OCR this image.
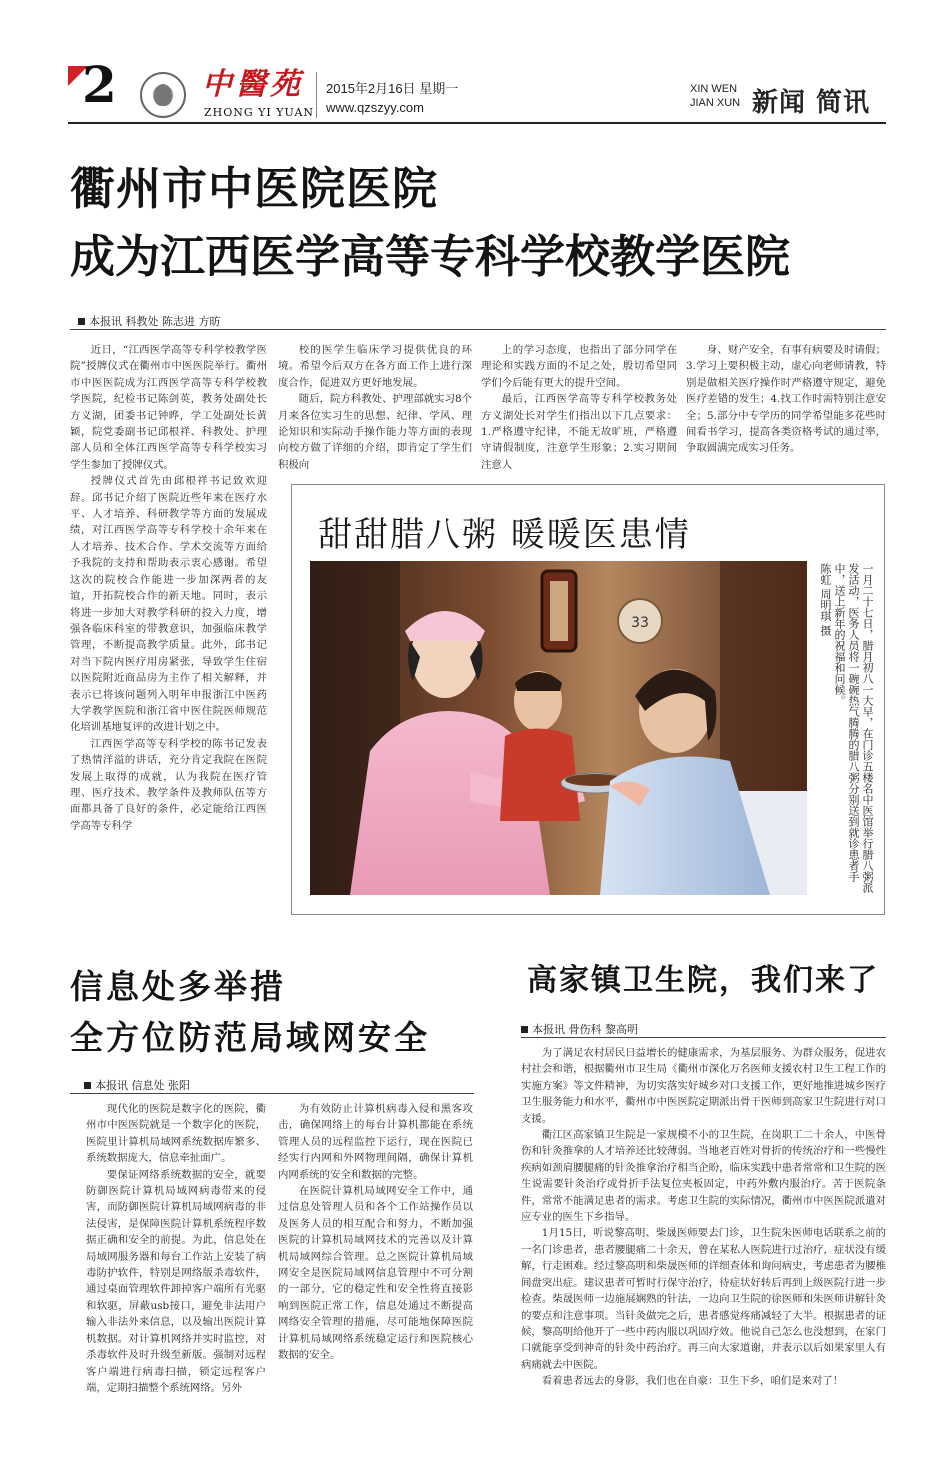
2	中醫苑
ZHONG YI YUAN
2015年2月16日 星期一
www.qzszyy.com
XIN WEN
JIAN XUN 新闻 简讯
衢州市中医院医院
成为江西医学高等专科学校教学医院
本报讯 科教处 陈志进 方昉

近日，“江西医学高等专科学校教学医院”授牌仪式在衢州市中医医院举行。衢州市中医医院成为江西医学高等专科学校教学医院，纪检书记陈剑英，教务处副处长方义湖，团委书记钟晔，学工处副处长黄颖，院党委副书记邱根祥、科教处、护理部人员和全体江西医学高等专科学校实习学生参加了授牌仪式。

授牌仪式首先由邱根祥书记致欢迎辞。邱书记介绍了医院近些年来在医疗水平、人才培养、科研教学等方面的发展成绩，对江西医学高等专科学校十余年来在人才培养、技术合作、学术交流等方面给予我院的支持和帮助表示衷心感谢。希望这次的院校合作能进一步加深两者的友谊，开拓院校合作的新天地。同时，表示将进一步加大对教学科研的投入力度，增强各临床科室的带教意识，加强临床教学管理，不断提高教学质量。此外，邱书记对当下院内医疗用房紧张，导致学生住宿以医院附近商品房为主作了相关解释，并表示已将该问题列入明年申报浙江中医药大学教学医院和浙江省中医住院医师规范化培训基地复评的改进计划之中。

江西医学高等专科学校的陈书记发表了热情洋溢的讲话，充分肯定我院在医院发展上取得的成就，认为我院在医疗管理、医疗技术、教学条件及教师队伍等方面都具备了良好的条件，必定能给江西医学高等专科学

校的医学生临床学习提供优良的环境。希望今后双方在各方面工作上进行深度合作，促进双方更好地发展。

随后，院方科教处、护理部就实习8个月来各位实习生的思想、纪律、学风、理论知识和实际动手操作能力等方面的表现向校方做了详细的介绍，即肯定了学生们积极向

上的学习态度，也指出了部分同学在理论和实践方面的不足之处，殷切希望同学们今后能有更大的提升空间。

最后，江西医学高等专科学校教务处方义湖处长对学生们指出以下几点要求：1.严格遵守纪律，不能无故旷班，严格遵守请假制度，注意学生形象；2.实习期间注意人

身、财产安全，有事有病要及时请假；3.学习上要积极主动，虚心向老师请教，特别是做相关医疗操作时严格遵守规定，避免医疗差错的发生；4.找工作时需特别注意安全；5.部分中专学历的同学希望能多花些时间看书学习，提高各类资格考试的通过率，争取圆满完成实习任务。

甜甜腊八粥 暖暖医患情
33	一月二十七日，腊月初八一大早，在门诊五楼名中医馆举行腊八粥派发活动，医务人员将一碗碗热气腾腾的腊八粥分别送到就诊患者手中，送上新年的祝福和问候。
陈虹 周明琪 摄
信息处多举措
全方位防范局域网安全
本报讯 信息处 张阳

现代化的医院是数字化的医院，衢州市中医医院就是一个数字化的医院，医院里计算机局域网系统数据库繁多、系统数据庞大，信息牵扯面广。

要保证网络系统数据的安全，就要防御医院计算机局域网病毒带来的侵害，而防御医院计算机局域网病毒的非法侵害，是保障医院计算机系统程序数据正确和安全的前提。为此，信息处在局域网服务器和每台工作站上安装了病毒防护软件，特别是网络版杀毒软件，通过桌面管理软件卸掉客户端所有光驱和软驱，屏蔽usb接口，避免非法用户输入非法外来信息，以及输出医院计算机数据。对计算机网络并实时监控，对杀毒软件及时升级至新版。强制对远程客户端进行病毒扫描，锁定远程客户端，定期扫描整个系统网络。另外

为有效防止计算机病毒入侵和黑客攻击，确保网络上的每台计算机都能在系统管理人员的远程监控下运行，现在医院已经实行内网和外网物理间隔，确保计算机内网系统的安全和数据的完整。

在医院计算机局域网安全工作中，通过信息处管理人员和各个工作站操作员以及医务人员的相互配合和努力，不断加强医院的计算机局域网技术的完善以及计算机局域网综合管理。总之医院计算机局域网安全是医院局域网信息管理中不可分割的一部分，它的稳定性和安全性将直接影响到医院正常工作，信息处通过不断提高网络安全管理的措施，尽可能地保障医院计算机局域网络系统稳定运行和医院核心数据的安全。

高家镇卫生院，我们来了
本报讯 骨伤科 黎高明

为了满足农村居民日益增长的健康需求，为基层服务、为群众服务，促进农村社会和谐，根据衢州市卫生局《衢州市深化万名医师支援农村卫生工程工作的实施方案》等文件精神，为切实落实好城乡对口支援工作，更好地推进城乡医疗卫生服务能力和水平，衢州市中医医院定期派出骨干医师到高家卫生院进行对口支援。

衢江区高家镇卫生院是一家规模不小的卫生院，在岗职工二十余人，中医骨伤和针灸推拿的人才培养还比较薄弱。当地老百姓对骨折的传统治疗和一些慢性疾病如颈肩腰腿痛的针灸推拿治疗相当企盼，临床实践中患者常常和卫生院的医生说需要针灸治疗或骨折手法复位夹板固定，中药外敷内服治疗。苦于医院条件，常常不能满足患者的需求。考虑卫生院的实际情况，衢州市中医医院派遣对应专业的医生下乡指导。

1月15日，听说黎高明、柴晟医师要去门诊，卫生院朱医师电话联系之前的一名门诊患者，患者腰腿痛二十余天，曾在某私人医院进行过治疗，症状没有缓解，行走困难。经过黎高明和柴晟医师的详细查体和询问病史，考虑患者为腰椎间盘突出症。建议患者可暂时行保守治疗，待症状好转后再到上级医院行进一步检查。柴晟医师一边施展娴熟的针法，一边向卫生院的徐医师和朱医师讲解针灸的要点和注意事项。当针灸做完之后，患者感觉疼痛减轻了大半。根据患者的证候，黎高明给他开了一些中药内服以巩固疗效。他说自己怎么也没想到，在家门口就能享受到神奇的针灸中药治疗。再三向大家道谢，并表示以后如果家里人有病痛就去中医院。

看着患者远去的身影，我们也在自豪：卫生下乡，咱们是来对了！
